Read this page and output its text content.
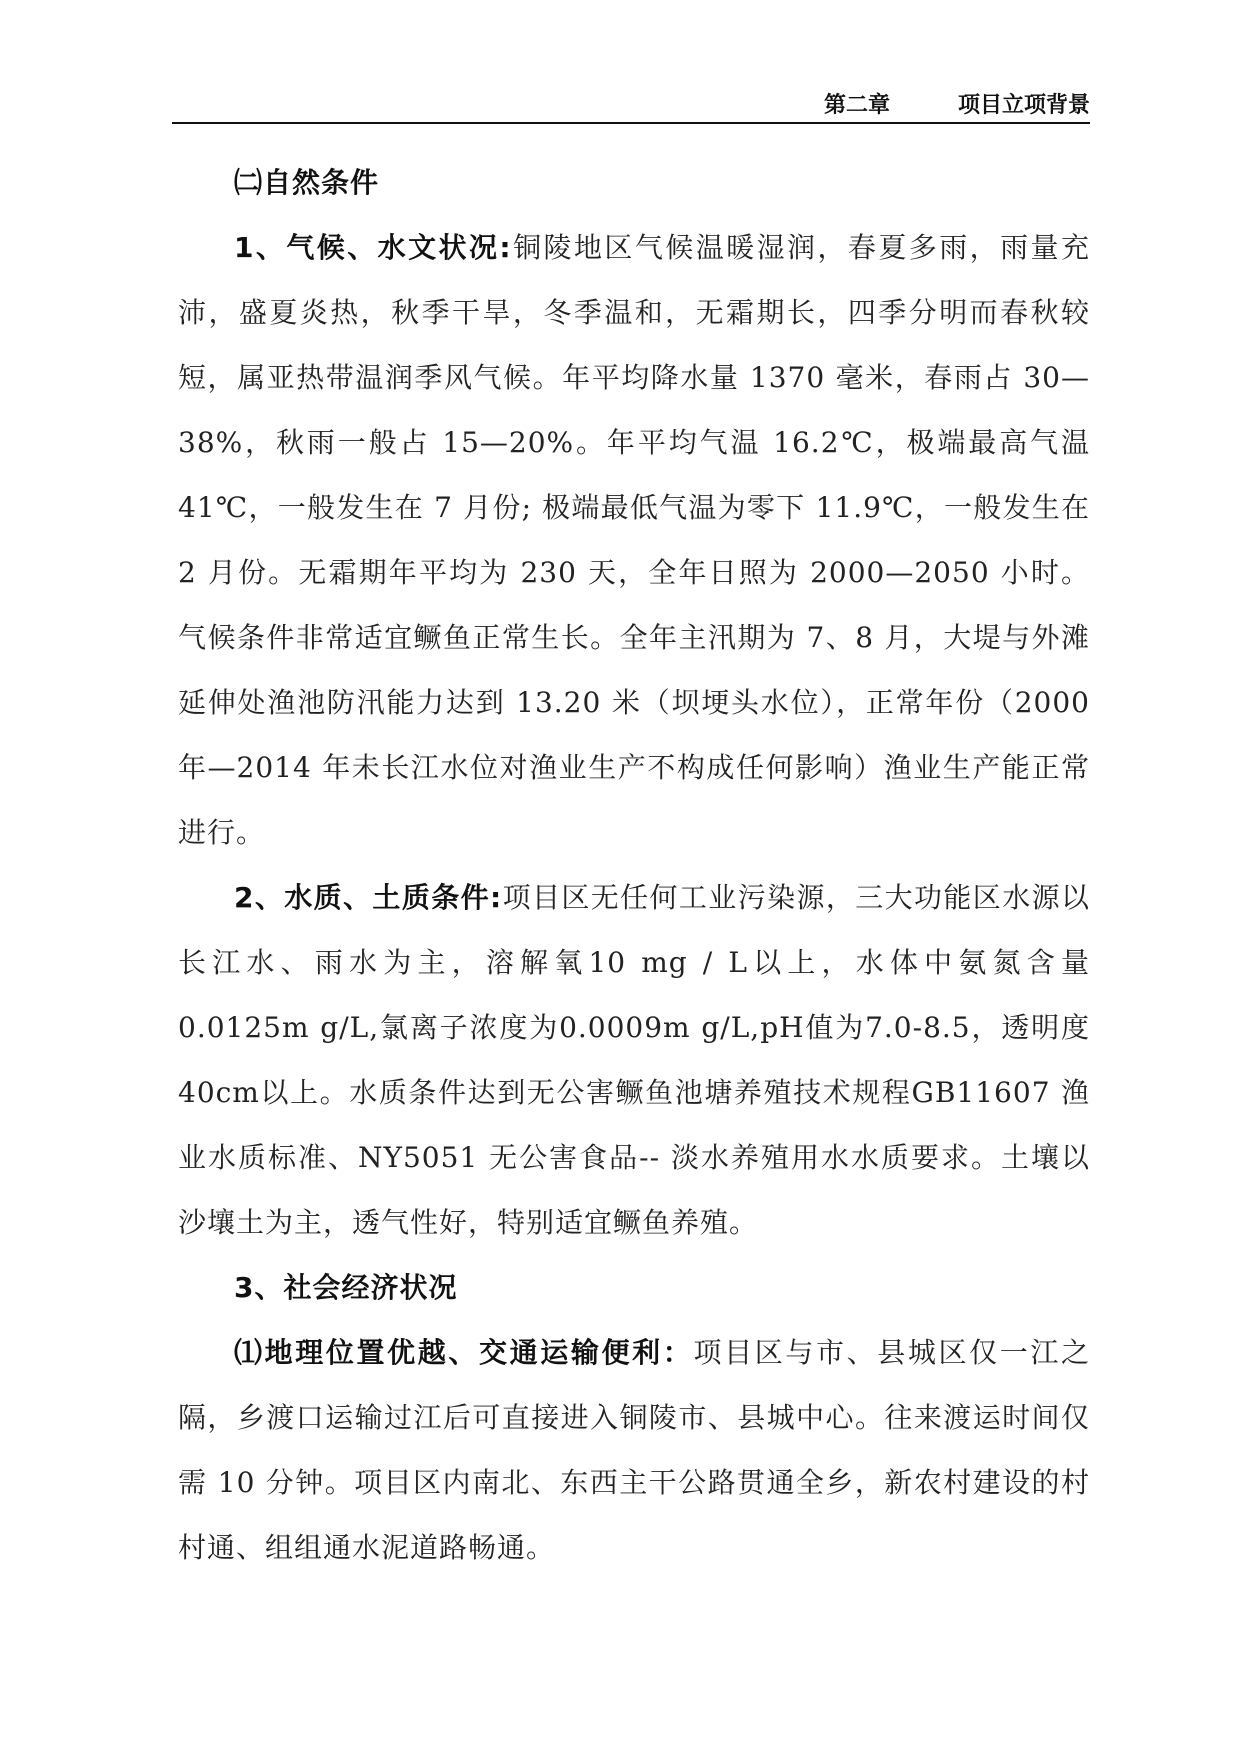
第二章	项目立项背景

㈡自然条件

1、气候、水文状况:铜陵地区气候温暖湿润，春夏多雨，雨量充沛，盛夏炎热，秋季干旱，冬季温和，无霜期长，四季分明而春秋较短，属亚热带温润季风气候。年平均降水量 1370 毫米，春雨占 30—38%，秋雨一般占 15—20%。年平均气温 16.2℃，极端最高气温 41℃，一般发生在 7 月份; 极端最低气温为零下 11.9℃，一般发生在 2 月份。无霜期年平均为 230 天，全年日照为 2000—2050 小时。气候条件非常适宜鳜鱼正常生长。全年主汛期为 7、8 月，大堤与外滩延伸处渔池防汛能力达到 13.20 米（坝埂头水位），正常年份（2000 年—2014 年未长江水位对渔业生产不构成任何影响）渔业生产能正常进行。

2、水质、土质条件:项目区无任何工业污染源，三大功能区水源以长江水、雨水为主，溶解氧10 mg / L以上，水体中氨氮含量0.0125m g/L,氯离子浓度为0.0009m g/L,pH值为7.0-8.5，透明度40cm以上。水质条件达到无公害鳜鱼池塘养殖技术规程GB11607 渔业水质标准、NY5051 无公害食品-- 淡水养殖用水水质要求。土壤以沙壤土为主，透气性好，特别适宜鳜鱼养殖。

3、社会经济状况

⑴地理位置优越、交通运输便利：项目区与市、县城区仅一江之隔，乡渡口运输过江后可直接进入铜陵市、县城中心。往来渡运时间仅需 10 分钟。项目区内南北、东西主干公路贯通全乡，新农村建设的村村通、组组通水泥道路畅通。
